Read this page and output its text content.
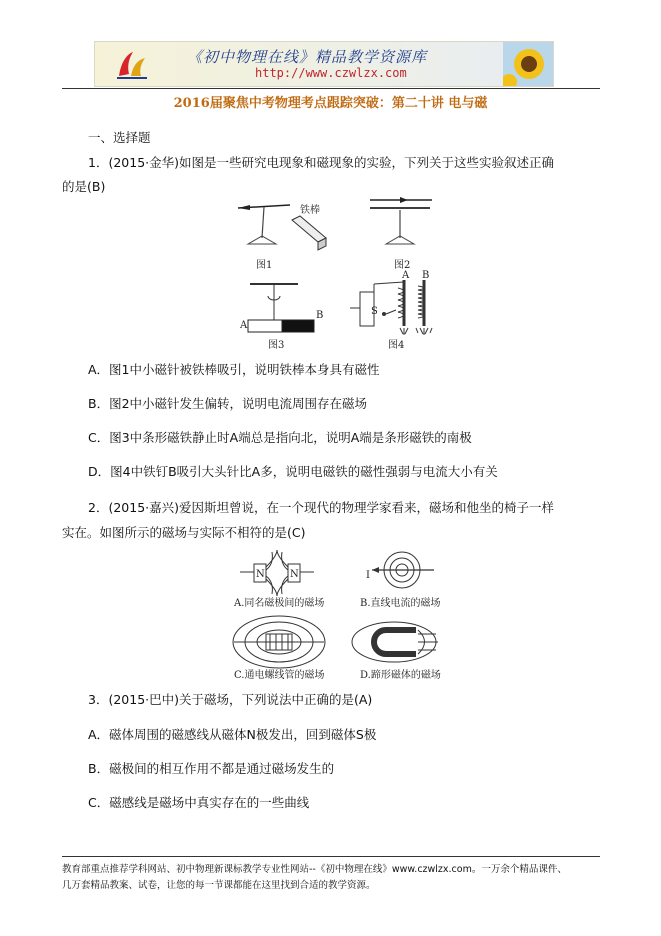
《初中物理在线》精品教学资源库
http://www.czwlzx.com
2016届聚焦中考物理考点跟踪突破：第二十讲 电与磁
一、选择题
1．(2015·金华)如图是一些研究电现象和磁现象的实验，下列关于这些实验叙述正确
的是(B)
铁棒
图1	图2
A
B
图3
S
A B
图4
A．图1中小磁针被铁棒吸引，说明铁棒本身具有磁性
B．图2中小磁针发生偏转，说明电流周围存在磁场
C．图3中条形磁铁静止时A端总是指向北，说明A端是条形磁铁的南极
D．图4中铁钉B吸引大头针比A多，说明电磁铁的磁性强弱与电流大小有关
2．(2015·嘉兴)爱因斯坦曾说，在一个现代的物理学家看来，磁场和他坐的椅子一样
实在。如图所示的磁场与实际不相符的是(C)
N	N
A.同名磁极间的磁场
I
B.直线电流的磁场
C.通电螺线管的磁场	D.蹄形磁体的磁场
3．(2015·巴中)关于磁场，下列说法中正确的是(A)
A．磁体周围的磁感线从磁体N极发出，回到磁体S极
B．磁极间的相互作用不都是通过磁场发生的
C．磁感线是磁场中真实存在的一些曲线
教育部重点推荐学科网站、初中物理新课标教学专业性网站--《初中物理在线》www.czwlzx.com。一万余个精品课件、
几万套精品教案、试卷，让您的每一节课都能在这里找到合适的教学资源。
